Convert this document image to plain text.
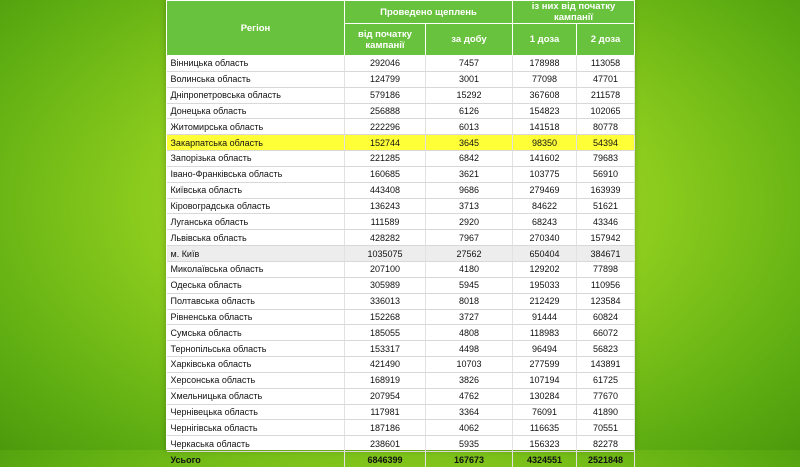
Регіон	Проведено щеплень		із них від початку кампанії	
	від початку кампанії	за добу	1 доза	2 доза
Вінницька область	292046	7457	178988	113058
Волинська область	124799	3001	77098	47701
Дніпропетровська область	579186	15292	367608	211578
Донецька область	256888	6126	154823	102065
Житомирська область	222296	6013	141518	80778
Закарпатська область	152744	3645	98350	54394
Запорізька область	221285	6842	141602	79683
Івано-Франківська область	160685	3621	103775	56910
Київська область	443408	9686	279469	163939
Кіровоградська область	136243	3713	84622	51621
Луганська область	111589	2920	68243	43346
Львівська область	428282	7967	270340	157942
м. Київ	1035075	27562	650404	384671
Миколаївська область	207100	4180	129202	77898
Одеська область	305989	5945	195033	110956
Полтавська область	336013	8018	212429	123584
Рівненська область	152268	3727	91444	60824
Сумська область	185055	4808	118983	66072
Тернопільська область	153317	4498	96494	56823
Харківська область	421490	10703	277599	143891
Херсонська область	168919	3826	107194	61725
Хмельницька область	207954	4762	130284	77670
Чернівецька область	117981	3364	76091	41890
Чернігівська область	187186	4062	116635	70551
Черкаська область	238601	5935	156323	82278
Усього	6846399	167673	4324551	2521848
